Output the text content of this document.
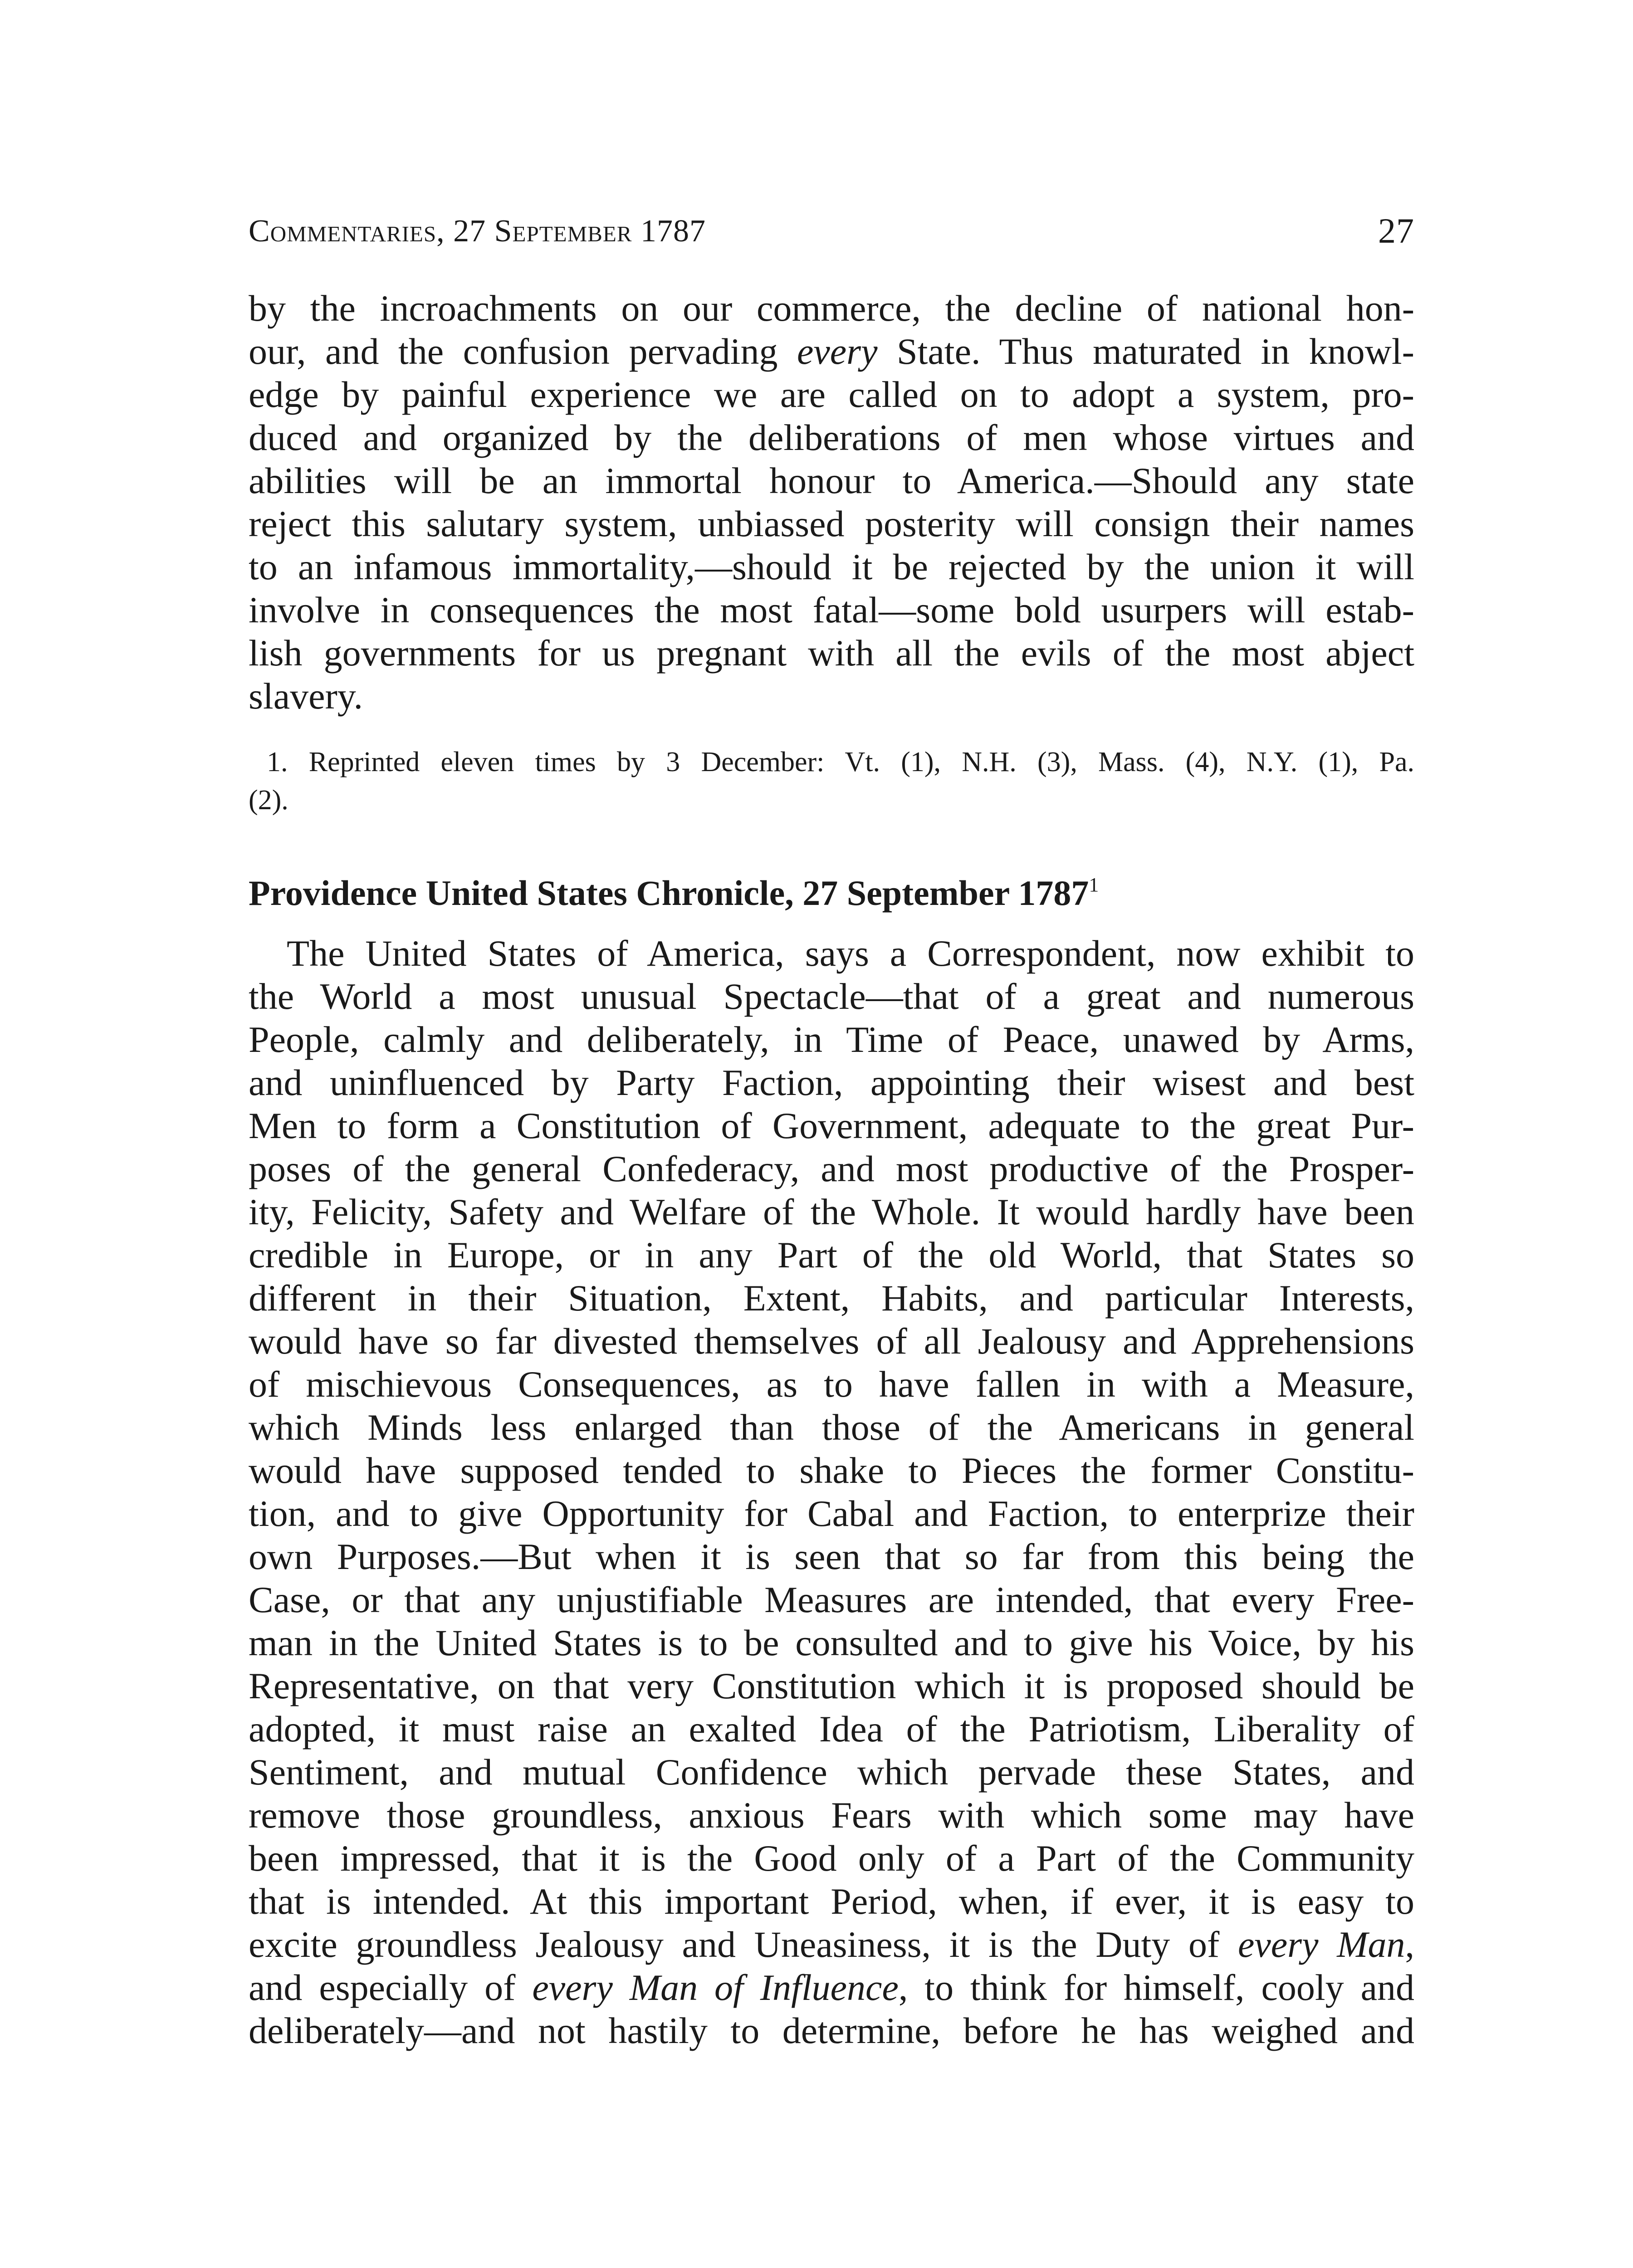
Commentaries, 27 September 1787	27

by the incroachments on our commerce, the decline of national hon-

our, and the confusion pervading every State. Thus maturated in knowl-

edge by painful experience we are called on to adopt a system, pro-

duced and organized by the deliberations of men whose virtues and

abilities will be an immortal honour to America.—Should any state

reject this salutary system, unbiassed posterity will consign their names

to an infamous immortality,—should it be rejected by the union it will

involve in consequences the most fatal—some bold usurpers will estab-

lish governments for us pregnant with all the evils of the most abject

slavery.

1. Reprinted eleven times by 3 December: Vt. (1), N.H. (3), Mass. (4), N.Y. (1), Pa.
(2).
Providence United States Chronicle, 27 September 1787$^1$

The United States of America, says a Correspondent, now exhibit to

the World a most unusual Spectacle—that of a great and numerous

People, calmly and deliberately, in Time of Peace, unawed by Arms,

and uninfluenced by Party Faction, appointing their wisest and best

Men to form a Constitution of Government, adequate to the great Pur-

poses of the general Confederacy, and most productive of the Prosper-

ity, Felicity, Safety and Welfare of the Whole. It would hardly have been

credible in Europe, or in any Part of the old World, that States so

different in their Situation, Extent, Habits, and particular Interests,

would have so far divested themselves of all Jealousy and Apprehensions

of mischievous Consequences, as to have fallen in with a Measure,

which Minds less enlarged than those of the Americans in general

would have supposed tended to shake to Pieces the former Constitu-

tion, and to give Opportunity for Cabal and Faction, to enterprize their

own Purposes.—But when it is seen that so far from this being the

Case, or that any unjustifiable Measures are intended, that every Free-

man in the United States is to be consulted and to give his Voice, by his

Representative, on that very Constitution which it is proposed should be

adopted, it must raise an exalted Idea of the Patriotism, Liberality of

Sentiment, and mutual Confidence which pervade these States, and

remove those groundless, anxious Fears with which some may have

been impressed, that it is the Good only of a Part of the Community

that is intended. At this important Period, when, if ever, it is easy to

excite groundless Jealousy and Uneasiness, it is the Duty of every Man,

and especially of every Man of Influence, to think for himself, cooly and

deliberately—and not hastily to determine, before he has weighed and
